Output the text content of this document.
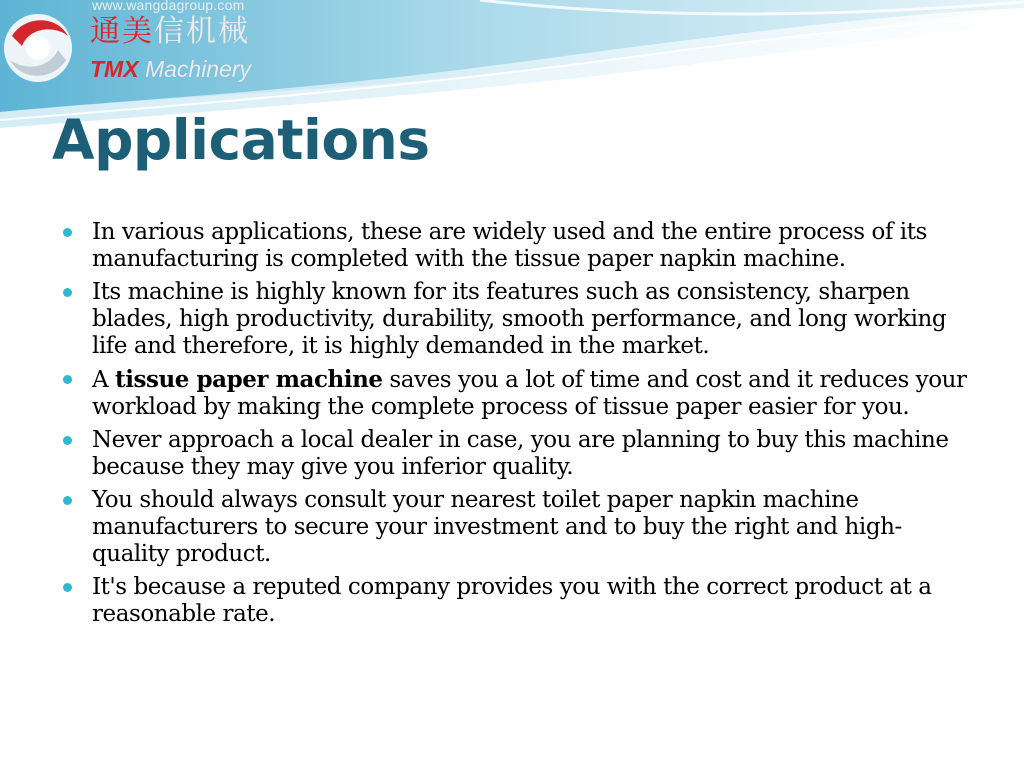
www.wangdagroup.com
通美信机械
TMX Machinery
Applications
In various applications, these are widely used and the entire process of its manufacturing is completed with the tissue paper napkin machine.
Its machine is highly known for its features such as consistency, sharpen blades, high productivity, durability, smooth performance, and long working life and therefore, it is highly demanded in the market.
A tissue paper machine saves you a lot of time and cost and it reduces your workload by making the complete process of tissue paper easier for you.
Never approach a local dealer in case, you are planning to buy this machine because they may give you inferior quality.
You should always consult your nearest toilet paper napkin machine manufacturers to secure your investment and to buy the right and high-quality product.
It's because a reputed company provides you with the correct product at a reasonable rate.
